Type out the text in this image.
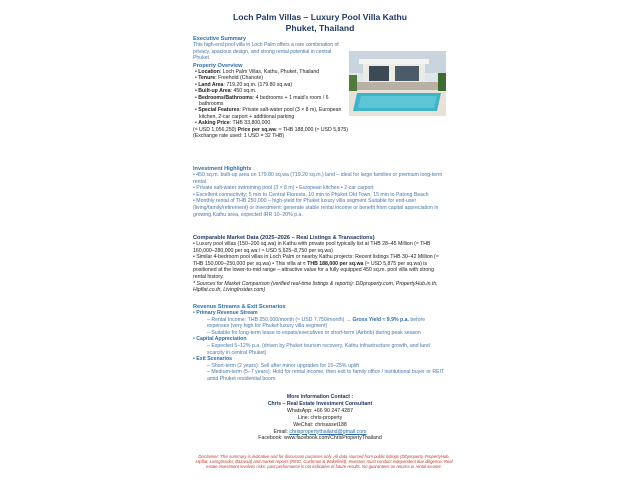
Loch Palm Villas – Luxury Pool Villa Kathu
Phuket, Thailand
Executive Summary
This high-end pool villa in Loch Palm offers a rare combination of privacy, spacious design, and strong rental potential in central Phuket.
Property Overview
• Location: Loch Palm Villas, Kathu, Phuket, Thailand
• Tenure: Freehold (Chanote)
• Land Area: 719.20 sq.m. (179.80 sq.wa)
• Built-up Area: 450 sq.m.
• Bedrooms/Bathrooms: 4 bedrooms + 1 maid's room / 6 bathrooms
• Special Features: Private salt-water pool (3 × 8 m), European kitchen, 2-car carport + additional parking
• Asking Price: THB 33,800,000
(≈ USD 1,056,250) Price per sq.wa: ≈ THB 188,000 (≈ USD 5,875)
(Exchange rate used: 1 USD = 32 THB)
Investment Highlights
• 450 sq.m. built-up area on 179.80 sq.wa (719.20 sq.m.) land – ideal for large families or premium long-term rental
• Private salt-water swimming pool (3 × 8 m) • European kitchen • 2-car carport
• Excellent connectivity: 5 min to Central Floresta, 10 min to Phuket Old Town, 15 min to Patong Beach
• Monthly rental of THB 250,000 – high-yield for Phuket luxury villa segment Suitable for end-user (living/family/retirement) or investment: generate stable rental income or benefit from capital appreciation in growing Kathu area, expected IRR 10–20% p.a.
Comparable Market Data (2025–2026 – Real Listings & Transactions)
• Luxury pool villas (150–200 sq.wa) in Kathu with private pool typically list at THB 28–45 Million (≈ THB 160,000–280,000 per sq.wa / ≈ USD 5,625–8,750 per sq.wa)
• Similar 4-bedroom pool villas in Loch Palm or nearby Kathu projects: Recent listings THB 30–42 Million (≈ THB 150,000–250,000 per sq.wa) • This villa at ≈ THB 188,000 per sq.wa (≈ USD 5,875 per sq.wa) is positioned at the lower-to-mid range – attractive value for a fully equipped 450 sq.m. pool villa with strong rental history.
* Sources for Market Comparison (verified real-time listings & reports): DDproperty.com, PropertyHub.in.th, Hipflat.co.th, LivingInsider.com)
Revenue Streams & Exit Scenarios
• Primary Revenue Stream
– Rental Income: THB 250,000/month (≈ USD 7,750/month) → Gross Yield ≈ 9.9% p.a. before expenses (very high for Phuket luxury villa segment)
– Suitable for long-term lease to expats/executives or short-term (Airbnb) during peak season
• Capital Appreciation
– Expected 5–12% p.a. (driven by Phuket tourism recovery, Kathu infrastructure growth, and land scarcity in central Phuket)
• Exit Scenarios
– Short-term (2 years): Sell after minor upgrades for 15–25% uplift
– Medium-term (5–7 years): Hold for rental income, then exit to family office / institutional buyer or REIT amid Phuket residential boom
More information Contact :
Chris – Real Estate Investment Consultant
WhatsApp: +66 90 247 4287
Line: chris-property
WeChat: chrisasset188
Email: chrispropertythailand@gmail.com
Facebook: www.facebook.com/ChrisPropertyThailand
Disclaimer: This summary is indicative and for discussion purposes only. All data sourced from public listings (DDproperty, PropertyHub, Hipflat, LivingInsider, Bazaraa) and market reports (REIC, Cushman & Wakefield). Investors must conduct independent due diligence. Real estate investment involves risks; past performance is not indicative of future results. No guarantees on returns or rental income.
